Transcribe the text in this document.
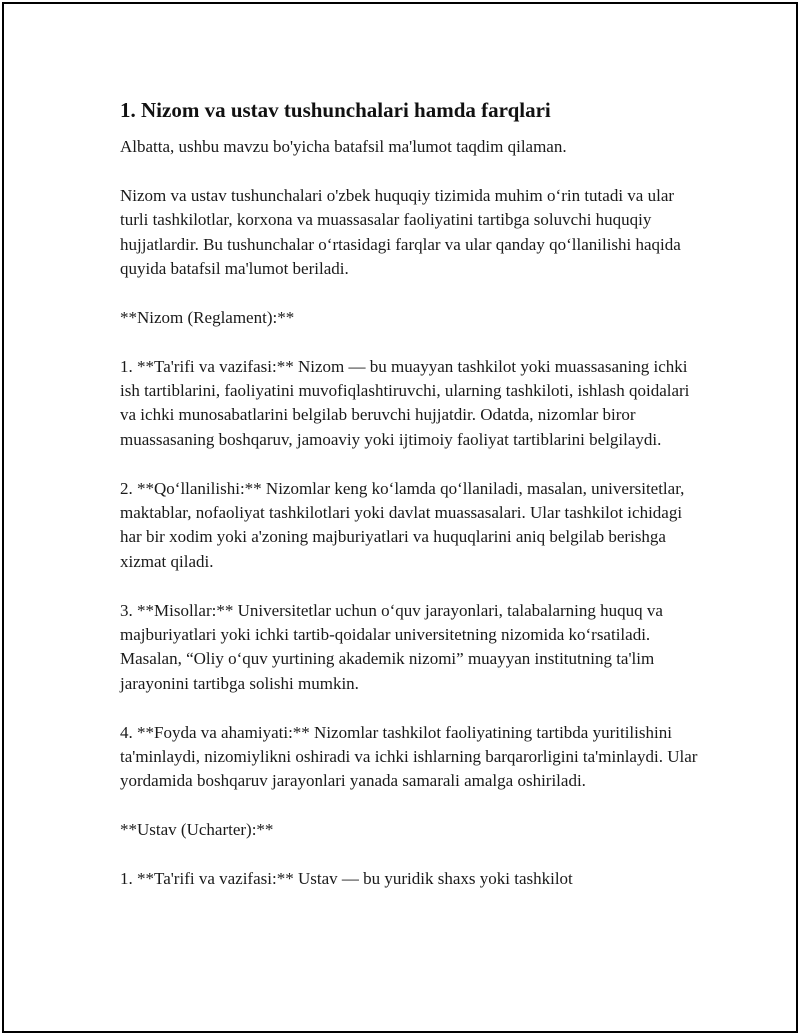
1. Nizom va ustav tushunchalari hamda farqlari

Albatta, ushbu mavzu bo'yicha batafsil ma'lumot taqdim qilaman.

Nizom va ustav tushunchalari o'zbek huquqiy tizimida muhim o‘rin tutadi va ular turli tashkilotlar, korxona va muassasalar faoliyatini tartibga soluvchi huquqiy hujjatlardir. Bu tushunchalar o‘rtasidagi farqlar va ular qanday qo‘llanilishi haqida quyida batafsil ma'lumot beriladi.

**Nizom (Reglament):**

1. **Ta'rifi va vazifasi:** Nizom — bu muayyan tashkilot yoki muassasaning ichki ish tartiblarini, faoliyatini muvofiqlashtiruvchi, ularning tashkiloti, ishlash qoidalari va ichki munosabatlarini belgilab beruvchi hujjatdir. Odatda, nizomlar biror muassasaning boshqaruv, jamoaviy yoki ijtimoiy faoliyat tartiblarini belgilaydi.

2. **Qo‘llanilishi:** Nizomlar keng ko‘lamda qo‘llaniladi, masalan, universitetlar, maktablar, nofaoliyat tashkilotlari yoki davlat muassasalari. Ular tashkilot ichidagi har bir xodim yoki a'zoning majburiyatlari va huquqlarini aniq belgilab berishga xizmat qiladi.

3. **Misollar:** Universitetlar uchun o‘quv jarayonlari, talabalarning huquq va majburiyatlari yoki ichki tartib-qoidalar universitetning nizomida ko‘rsatiladi. Masalan, “Oliy o‘quv yurtining akademik nizomi” muayyan institutning ta'lim jarayonini tartibga solishi mumkin.

4. **Foyda va ahamiyati:** Nizomlar tashkilot faoliyatining tartibda yuritilishini ta'minlaydi, nizomiylikni oshiradi va ichki ishlarning barqarorligini ta'minlaydi. Ular yordamida boshqaruv jarayonlari yanada samarali amalga oshiriladi.

**Ustav (Ucharter):**

1. **Ta'rifi va vazifasi:** Ustav — bu yuridik shaxs yoki tashkilot
